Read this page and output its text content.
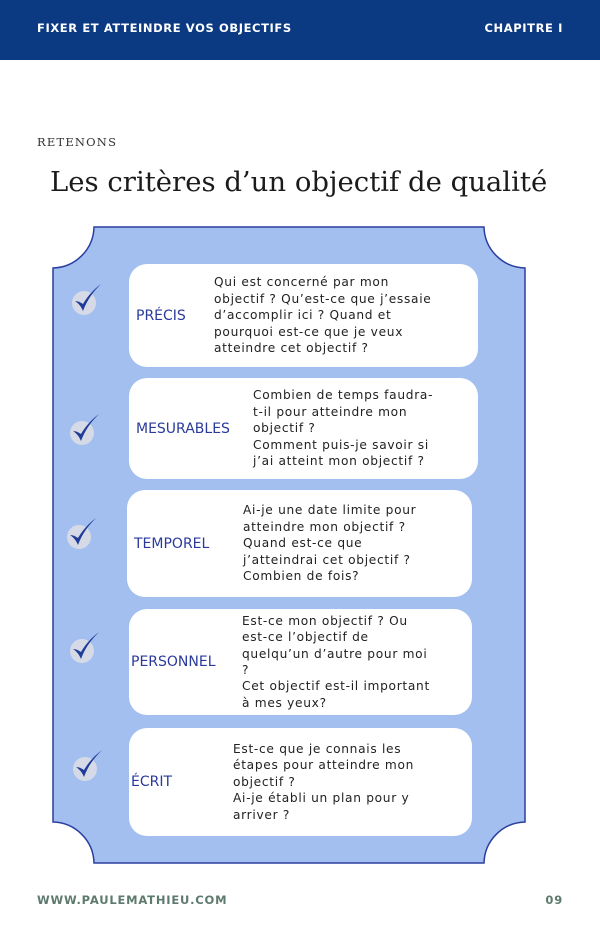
FIXER ET ATTEINDRE VOS OBJECTIFS	CHAPITRE I
RETENONS
Les critères d’un objectif de qualité
PRÉCIS
Qui est concerné par mon
objectif ? Qu’est-ce que j’essaie
d’accomplir ici ? Quand et
pourquoi est-ce que je veux
atteindre cet objectif ?
MESURABLES
Combien de temps faudra-
t-il pour atteindre mon
objectif ?
Comment puis-je savoir si
j’ai atteint mon objectif ?
TEMPOREL
Ai-je une date limite pour
atteindre mon objectif ?
Quand est-ce que
j’atteindrai cet objectif ?
Combien de fois?
PERSONNEL
Est-ce mon objectif ? Ou
est-ce l’objectif de
quelqu’un d’autre pour moi
?
Cet objectif est-il important
à mes yeux?
ÉCRIT
Est-ce que je connais les
étapes pour atteindre mon
objectif ?
Ai-je établi un plan pour y
arriver ?
WWW.PAULEMATHIEU.COM	09
